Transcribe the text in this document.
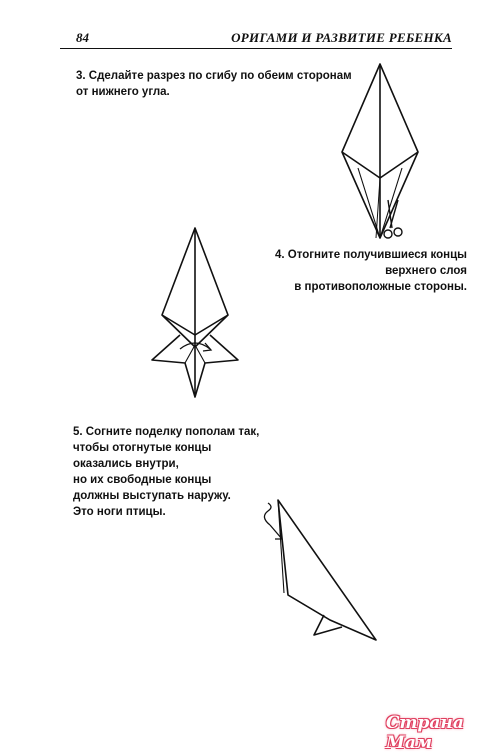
84	ОРИГАМИ И РАЗВИТИЕ РЕБЕНКА
3. Сделайте разрез по сгибу по обеим сторонам
от нижнего угла.
4. Отогните получившиеся концы
верхнего слоя
в противоположные стороны.
5. Согните поделку пополам так,
чтобы отогнутые концы
оказались внутри,
но их свободные концы
должны выступать наружу.
Это ноги птицы.
Страна Мам
